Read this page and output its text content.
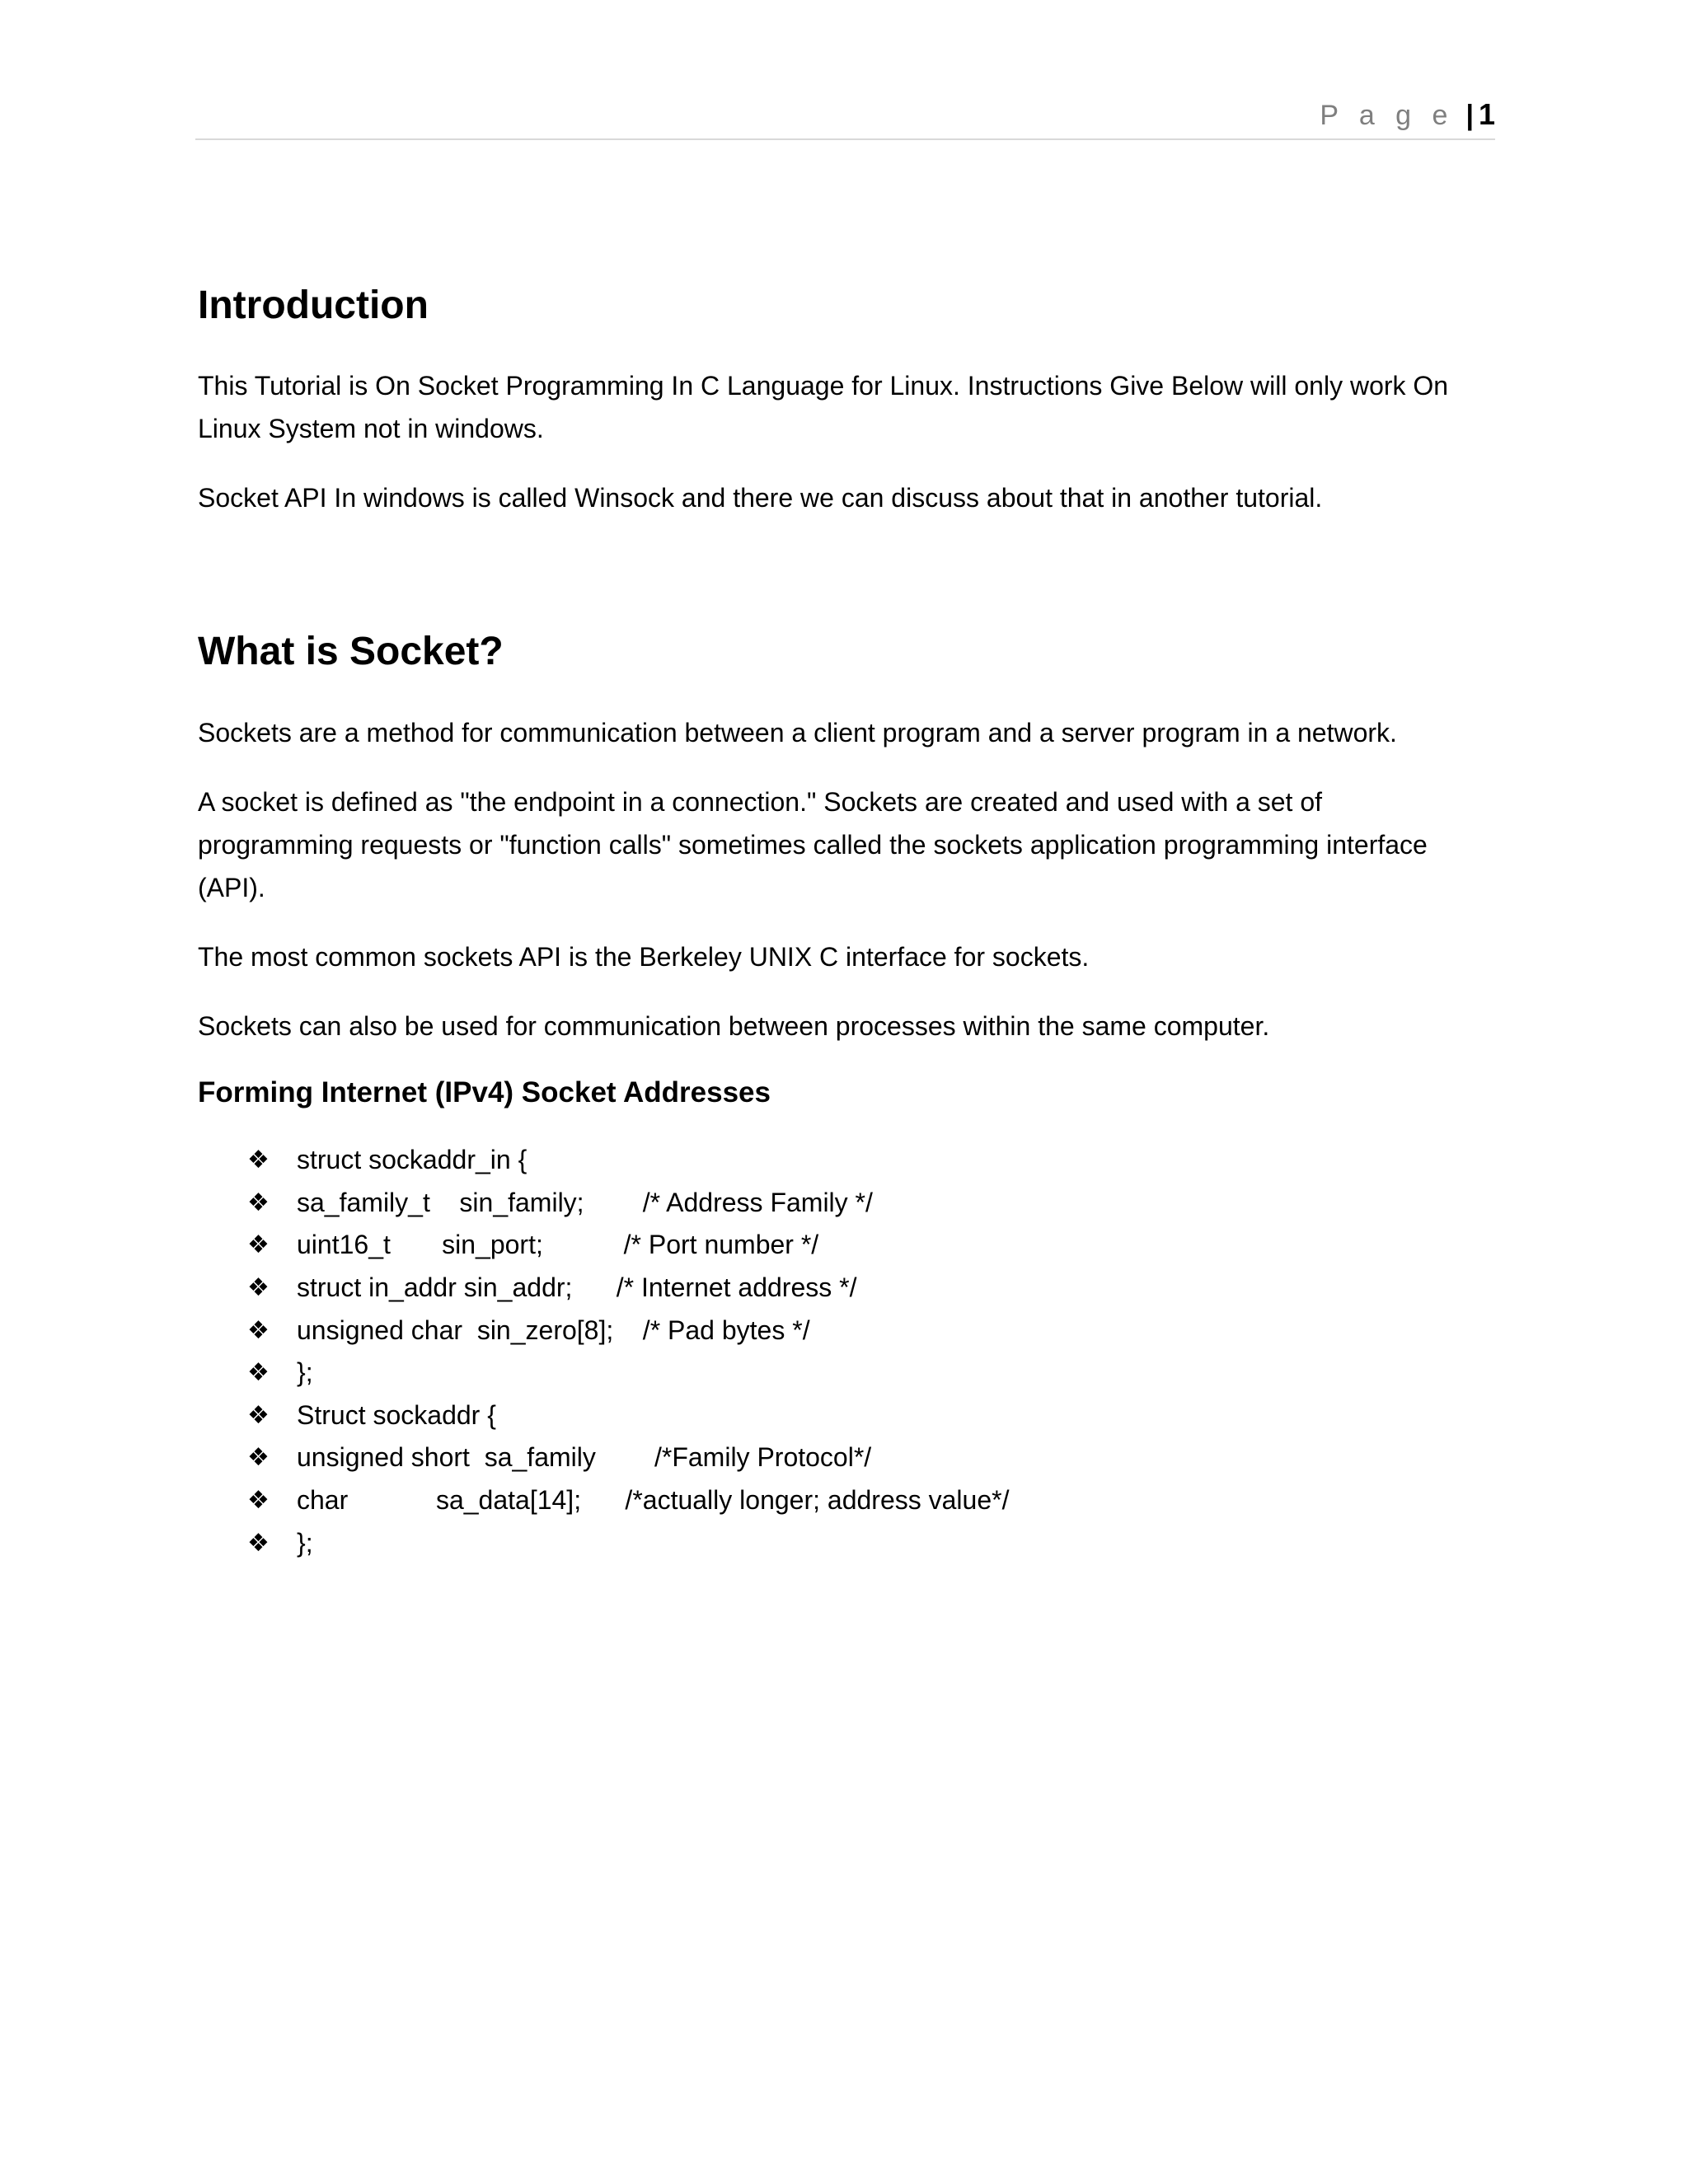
P a g e | 1
Introduction

This Tutorial is On Socket Programming In C Language for Linux. Instructions Give Below will only work On Linux System not in windows.

Socket API In windows is called Winsock and there we can discuss about that in another tutorial.

What is Socket?

Sockets are a method for communication between a client program and a server program in a network.

A socket is defined as "the endpoint in a connection." Sockets are created and used with a set of programming requests or "function calls" sometimes called the sockets application programming interface (API).

The most common sockets API is the Berkeley UNIX C interface for sockets.

Sockets can also be used for communication between processes within the same computer.

Forming Internet (IPv4) Socket Addresses
❖ struct sockaddr_in {
❖ sa_family_t    sin_family;        /* Address Family */
❖ uint16_t       sin_port;           /* Port number */
❖ struct in_addr sin_addr;      /* Internet address */
❖ unsigned char  sin_zero[8];    /* Pad bytes */
❖ };
❖ Struct sockaddr {
❖ unsigned short  sa_family        /*Family Protocol*/
❖ char            sa_data[14];      /*actually longer; address value*/
❖ };
